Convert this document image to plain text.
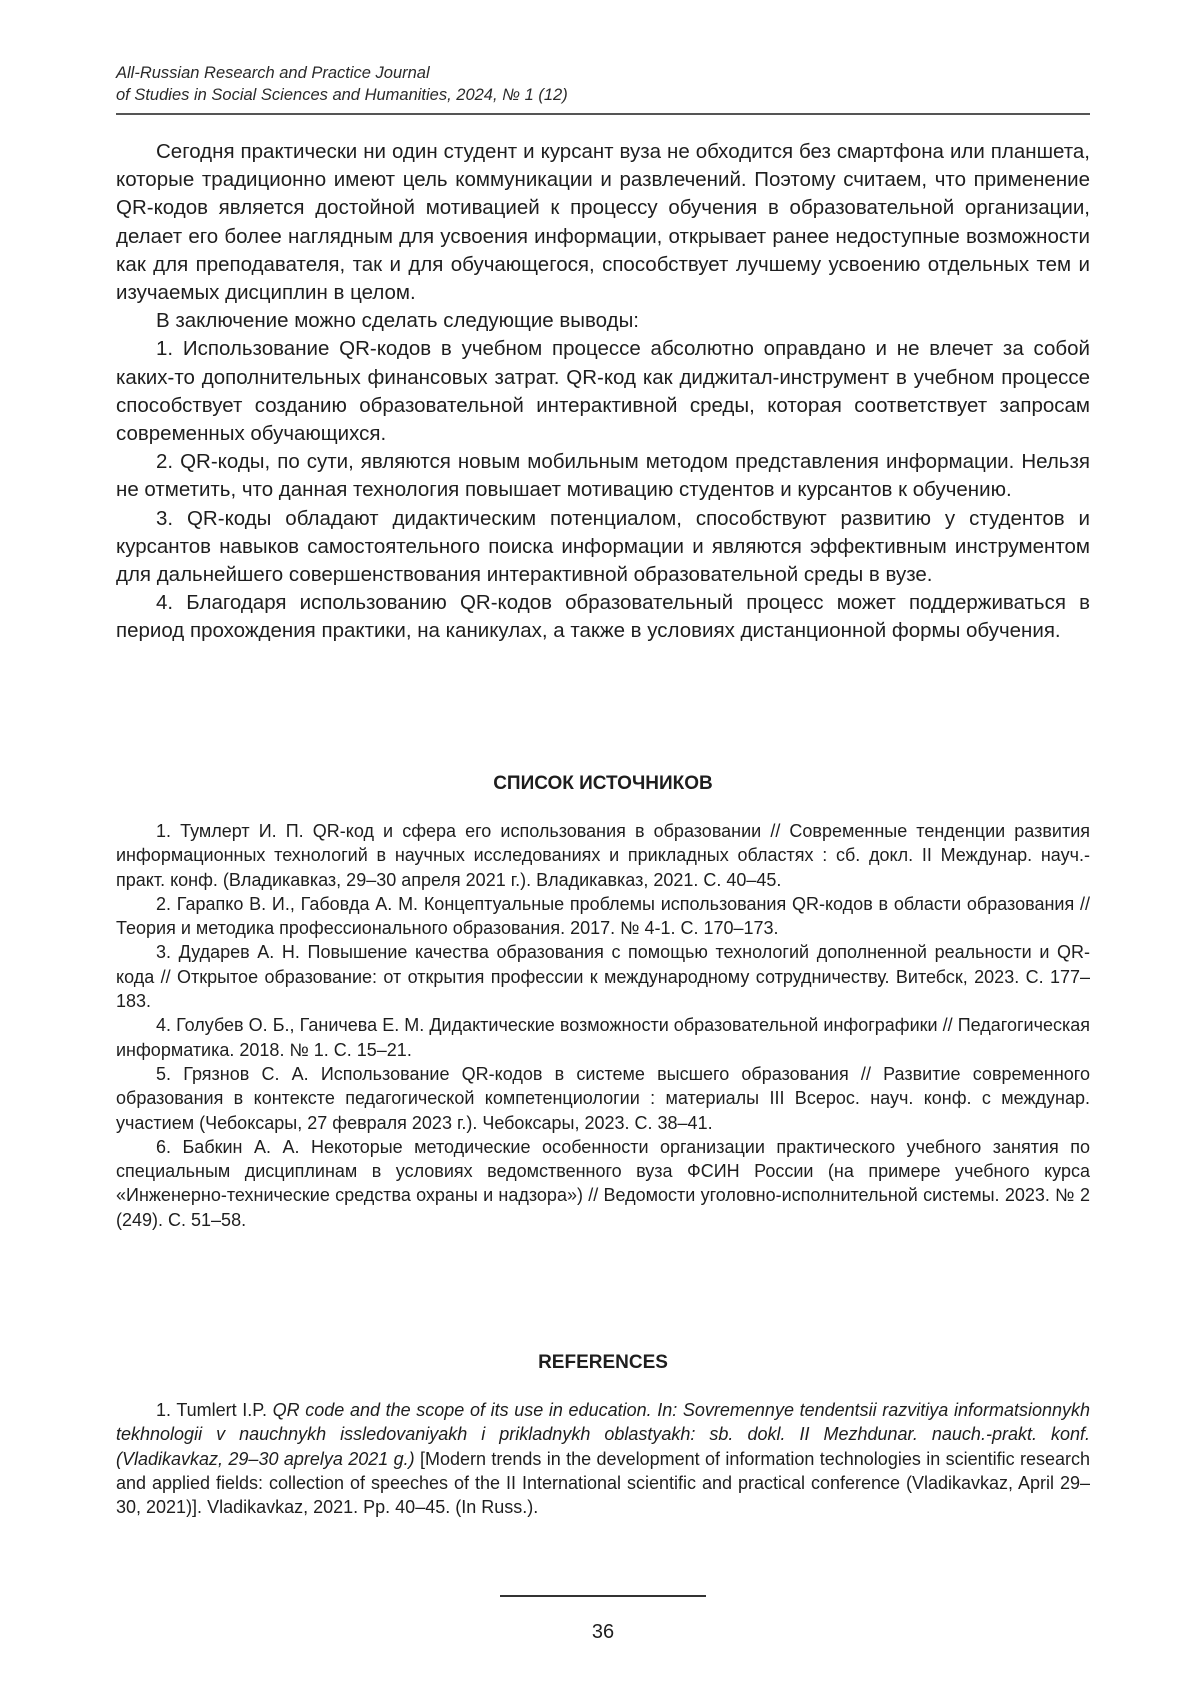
All-Russian Research and Practice Journal
of Studies in Social Sciences and Humanities, 2024, № 1 (12)

Сегодня практически ни один студент и курсант вуза не обходится без смартфона или планшета, которые традиционно имеют цель коммуникации и развлечений. Поэтому считаем, что применение QR-кодов является достойной мотивацией к процессу обучения в образовательной организации, делает его более наглядным для усвоения информации, открывает ранее недоступные возможности как для преподавателя, так и для обучающегося, способствует лучшему усвоению отдельных тем и изучаемых дисциплин в целом.

В заключение можно сделать следующие выводы:

1. Использование QR-кодов в учебном процессе абсолютно оправдано и не влечет за собой каких-то дополнительных финансовых затрат. QR-код как диджитал-инструмент в учебном процессе способствует созданию образовательной интерактивной среды, которая соответствует запросам современных обучающихся.

2. QR-коды, по сути, являются новым мобильным методом представления информации. Нельзя не отметить, что данная технология повышает мотивацию студентов и курсантов к обучению.

3. QR-коды обладают дидактическим потенциалом, способствуют развитию у студентов и курсантов навыков самостоятельного поиска информации и являются эффективным инструментом для дальнейшего совершенствования интерактивной образовательной среды в вузе.

4. Благодаря использованию QR-кодов образовательный процесс может поддерживаться в период прохождения практики, на каникулах, а также в условиях дистанционной формы обучения.

СПИСОК ИСТОЧНИКОВ

1. Тумлерт И. П. QR-код и сфера его использования в образовании // Современные тенденции развития информационных технологий в научных исследованиях и прикладных областях : сб. докл. II Междунар. науч.-практ. конф. (Владикавказ, 29–30 апреля 2021 г.). Владикавказ, 2021. С. 40–45.

2. Гарапко В. И., Габовда А. М. Концептуальные проблемы использования QR-кодов в области образования // Теория и методика профессионального образования. 2017. № 4-1. С. 170–173.

3. Дударев А. Н. Повышение качества образования с помощью технологий дополненной реальности и QR-кода // Открытое образование: от открытия профессии к международному сотрудничеству. Витебск, 2023. С. 177–183.

4. Голубев О. Б., Ганичева Е. М. Дидактические возможности образовательной инфографики // Педагогическая информатика. 2018. № 1. С. 15–21.

5. Грязнов С. А. Использование QR-кодов в системе высшего образования // Развитие современного образования в контексте педагогической компетенциологии : материалы III Всерос. науч. конф. с междунар. участием (Чебоксары, 27 февраля 2023 г.). Чебоксары, 2023. С. 38–41.

6. Бабкин А. А. Некоторые методические особенности организации практического учебного занятия по специальным дисциплинам в условиях ведомственного вуза ФСИН России (на примере учебного курса «Инженерно-технические средства охраны и надзора») // Ведомости уголовно-исполнительной системы. 2023. № 2 (249). С. 51–58.

REFERENCES

1. Tumlert I.P. QR code and the scope of its use in education. In: Sovremennye tendentsii razvitiya informatsionnykh tekhnologii v nauchnykh issledovaniyakh i prikladnykh oblastyakh: sb. dokl. II Mezhdunar. nauch.-prakt. konf. (Vladikavkaz, 29–30 aprelya 2021 g.) [Modern trends in the development of information technologies in scientific research and applied fields: collection of speeches of the II International scientific and practical conference (Vladikavkaz, April 29–30, 2021)]. Vladikavkaz, 2021. Pp. 40–45. (In Russ.).

36
